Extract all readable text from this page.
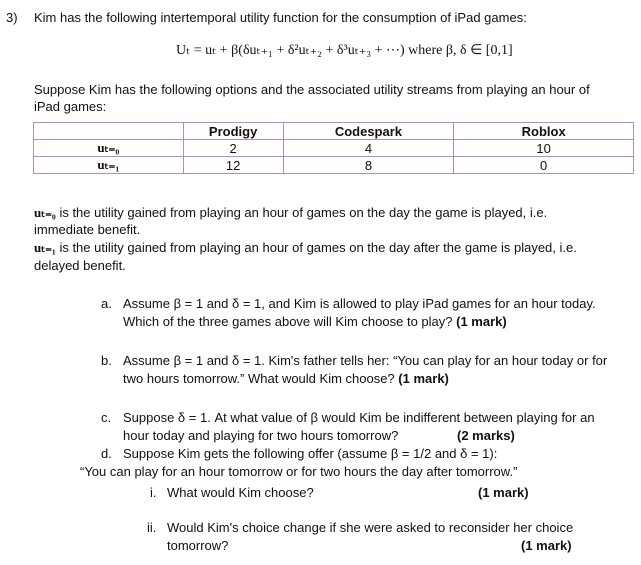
3) Kim has the following intertemporal utility function for the consumption of iPad games:
Uₜ = uₜ + β(δuₜ₊₁ + δ²uₜ₊₂ + δ³uₜ₊₃ + ⋯) where β, δ ∈ [0,1]
Suppose Kim has the following options and the associated utility streams from playing an hour of
iPad games:
	Prodigy	Codespark	Roblox
uₜ₌₀	2	4	10
uₜ₌₁	12	8	0
uₜ₌₀ is the utility gained from playing an hour of games on the day the game is played, i.e.
immediate benefit.
uₜ₌₁ is the utility gained from playing an hour of games on the day after the game is played, i.e.
delayed benefit.
a. Assume β = 1 and δ = 1, and Kim is allowed to play iPad games for an hour today.
Which of the three games above will Kim choose to play? (1 mark)
b. Assume β = 1 and δ = 1. Kim's father tells her: “You can play for an hour today or for
two hours tomorrow.” What would Kim choose? (1 mark)
c. Suppose δ = 1. At what value of β would Kim be indifferent between playing for an
hour today and playing for two hours tomorrow?	(2 marks)
d. Suppose Kim gets the following offer (assume β = 1/2 and δ = 1):
“You can play for an hour tomorrow or for two hours the day after tomorrow.”
i. What would Kim choose?	(1 mark)
ii. Would Kim's choice change if she were asked to reconsider her choice
tomorrow?	(1 mark)
